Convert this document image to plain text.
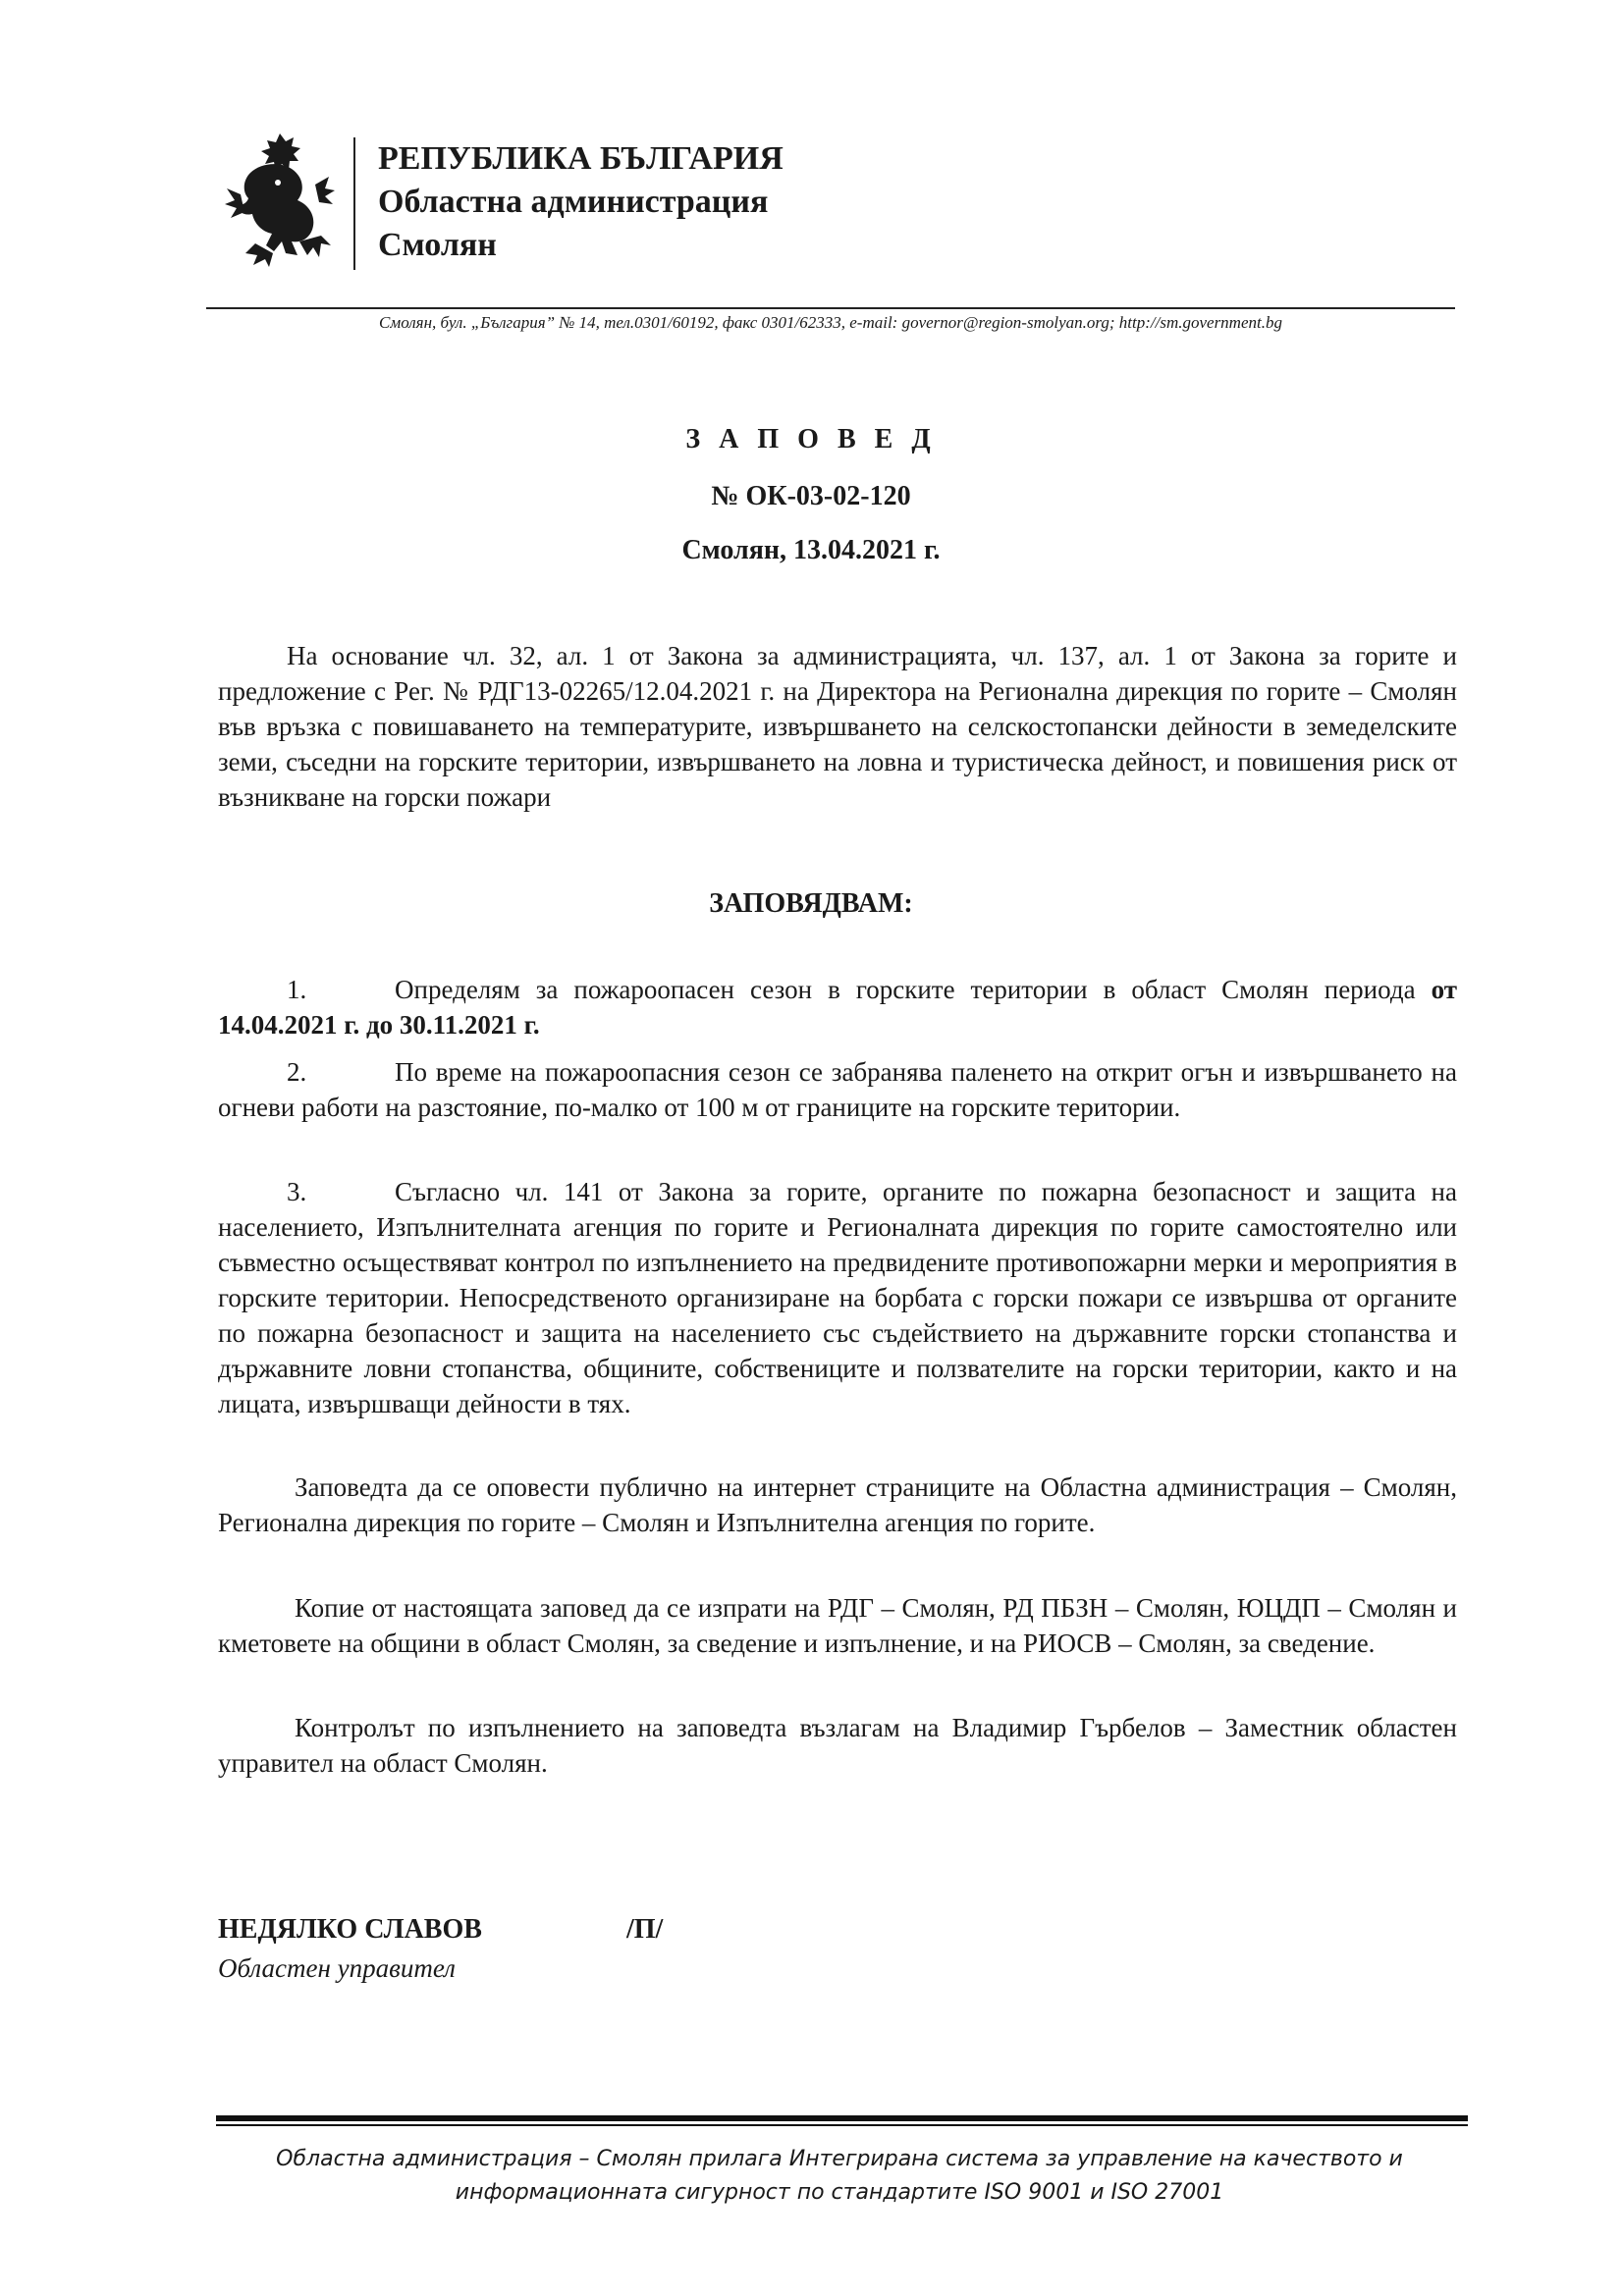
РЕПУБЛИКА БЪЛГАРИЯ
Областна администрация
Смолян
Смолян, бул. „България” № 14, тел.0301/60192, факс 0301/62333, e-mail: governor@region-smolyan.org; http://sm.government.bg
З А П О В Е Д
№ ОК-03-02-120
Смолян, 13.04.2021 г.
На основание чл. 32, ал. 1 от Закона за администрацията, чл. 137, ал. 1 от Закона за горите и предложение с Рег. № РДГ13-02265/12.04.2021 г. на Директора на Регионална дирекция по горите – Смолян във връзка с повишаването на температурите, извършването на селскостопански дейности в земеделските земи, съседни на горските територии, извършването на ловна и туристическа дейност, и повишения риск от възникване на горски пожари
ЗАПОВЯДВАМ:
1.	Определям за пожароопасен сезон в горските територии в област Смолян периода от 14.04.2021 г. до 30.11.2021 г.
2.	По време на пожароопасния сезон се забранява паленето на открит огън и извършването на огневи работи на разстояние, по-малко от 100 м от границите на горските територии.
3.	Съгласно чл. 141 от Закона за горите, органите по пожарна безопасност и защита на населението, Изпълнителната агенция по горите и Регионалната дирекция по горите самостоятелно или съвместно осъществяват контрол по изпълнението на предвидените противопожарни мерки и мероприятия в горските територии. Непосредственото организиране на борбата с горски пожари се извършва от органите по пожарна безопасност и защита на населението със съдействието на държавните горски стопанства и държавните ловни стопанства, общините, собствениците и ползвателите на горски територии, както и на лицата, извършващи дейности в тях.
Заповедта да се оповести публично на интернет страниците на Областна администрация – Смолян, Регионална дирекция по горите – Смолян и Изпълнителна агенция по горите.
Копие от настоящата заповед да се изпрати на РДГ – Смолян, РД ПБЗН – Смолян, ЮЦДП – Смолян и кметовете на общини в област Смолян, за сведение и изпълнение, и на РИОСВ – Смолян, за сведение.
Контролът по изпълнението на заповедта възлагам на Владимир Гърбелов – Заместник областен управител на област Смолян.
НЕДЯЛКО СЛАВОВ	/П/
Областен управител
Областна администрация – Смолян прилага Интегрирана система за управление на качеството и
информационната сигурност по стандартите ISO 9001 и ISO 27001
